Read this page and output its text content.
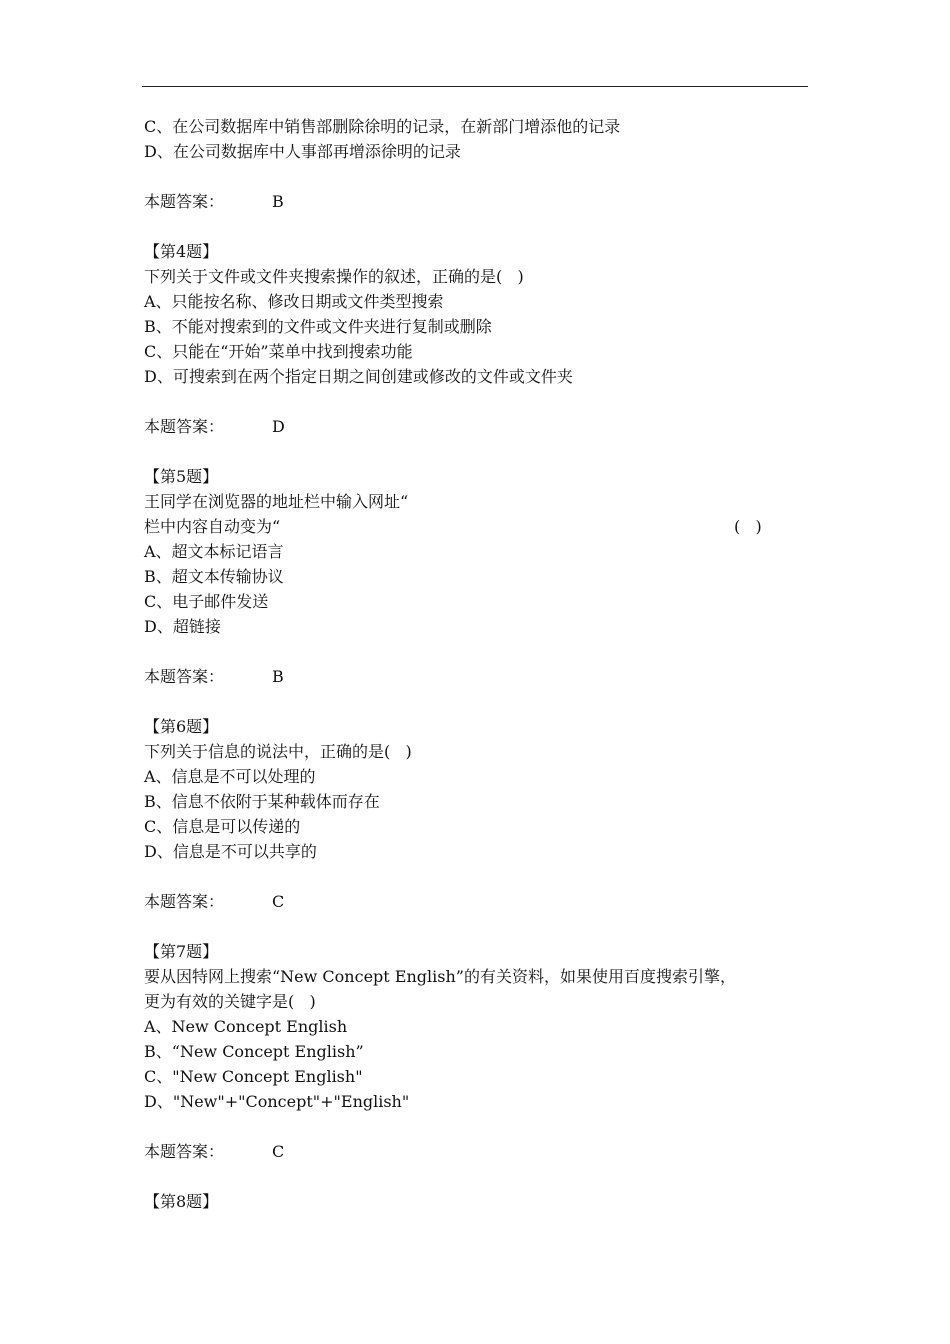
C、在公司数据库中销售部删除徐明的记录，在新部门增添他的记录
D、在公司数据库中人事部再增添徐明的记录
本题答案：	B
【第4题】
下列关于文件或文件夹搜索操作的叙述，正确的是(   )
A、只能按名称、修改日期或文件类型搜索
B、不能对搜索到的文件或文件夹进行复制或删除
C、只能在“开始”菜单中找到搜索功能
D、可搜索到在两个指定日期之间创建或修改的文件或文件夹
本题答案：	D
【第5题】
王同学在浏览器的地址栏中输入网址“
栏中内容自动变为“	(   )
A、超文本标记语言
B、超文本传输协议
C、电子邮件发送
D、超链接
本题答案：	B
【第6题】
下列关于信息的说法中，正确的是(   )
A、信息是不可以处理的
B、信息不依附于某种载体而存在
C、信息是可以传递的
D、信息是不可以共享的
本题答案：	C
【第7题】
要从因特网上搜索“New Concept English”的有关资料，如果使用百度搜索引擎，
更为有效的关键字是(   )
A、New Concept English
B、“New Concept English”
C、"New Concept English"
D、"New"+"Concept"+"English"
本题答案：	C
【第8题】
